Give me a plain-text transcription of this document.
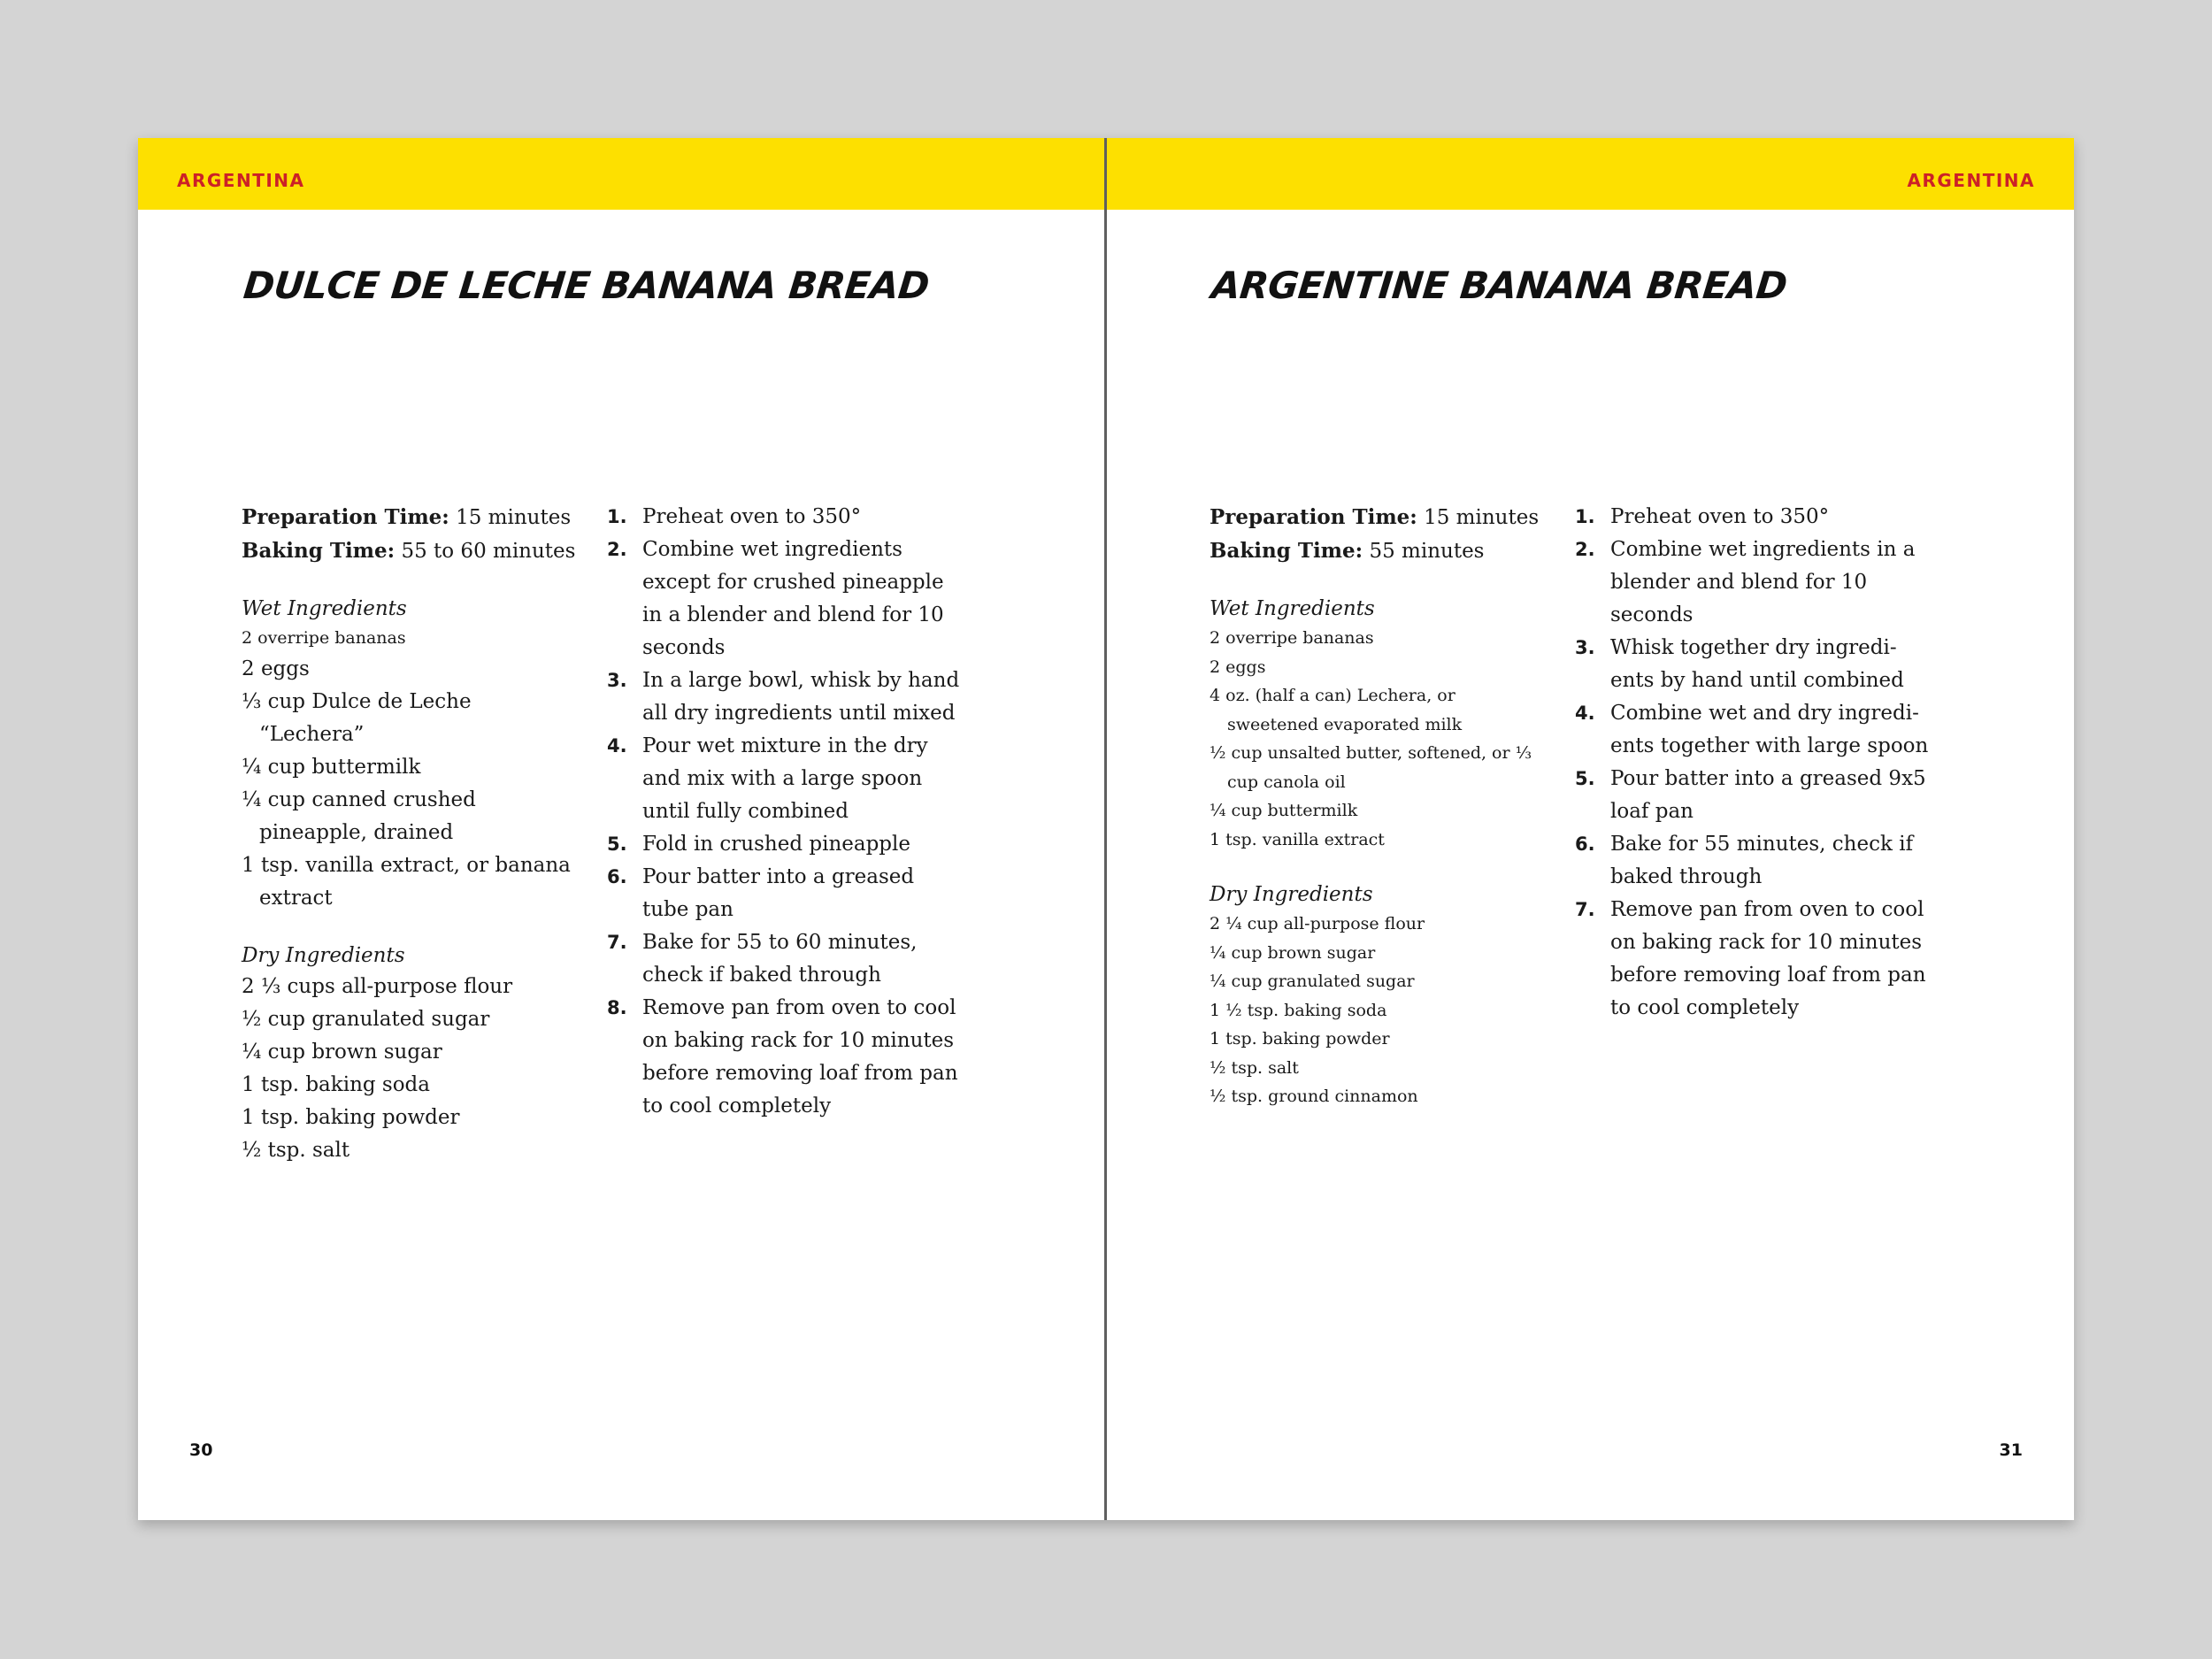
ARGENTINA
DULCE DE LECHE BANANA BREAD
Preparation Time: 15 minutes
Baking Time: 55 to 60 minutes
Wet Ingredients
2 overripe bananas
2 eggs
⅓ cup Dulce de Leche “Lechera”
¼ cup buttermilk
¼ cup canned crushed pineapple, drained
1 tsp. vanilla extract, or banana extract
Dry Ingredients
2 ⅓ cups all-purpose flour
½ cup granulated sugar
¼ cup brown sugar
1 tsp. baking soda
1 tsp. baking powder
½ tsp. salt
1. Preheat oven to 350°
2. Combine wet ingredients except for crushed pineapple in a blender and blend for 10 seconds
3. In a large bowl, whisk by hand all dry ingredients until mixed
4. Pour wet mixture in the dry and mix with a large spoon until fully combined
5. Fold in crushed pineapple
6. Pour batter into a greased tube pan
7. Bake for 55 to 60 minutes, check if baked through
8. Remove pan from oven to cool on baking rack for 10 minutes before removing loaf from pan to cool completely
30
ARGENTINA
ARGENTINE BANANA BREAD
Preparation Time: 15 minutes
Baking Time: 55 minutes
Wet Ingredients
2 overripe bananas
2 eggs
4 oz. (half a can) Lechera, or sweetened evaporated milk
½ cup unsalted butter, softened, or ⅓ cup canola oil
¼ cup buttermilk
1 tsp. vanilla extract
Dry Ingredients
2 ¼ cup all-purpose flour
¼ cup brown sugar
¼ cup granulated sugar
1 ½ tsp. baking soda
1 tsp. baking powder
½ tsp. salt
½ tsp. ground cinnamon
1. Preheat oven to 350°
2. Combine wet ingredients in a blender and blend for 10 seconds
3. Whisk together dry ingredients by hand until combined
4. Combine wet and dry ingredients together with large spoon
5. Pour batter into a greased 9x5 loaf pan
6. Bake for 55 minutes, check if baked through
7. Remove pan from oven to cool on baking rack for 10 minutes before removing loaf from pan to cool completely
31
